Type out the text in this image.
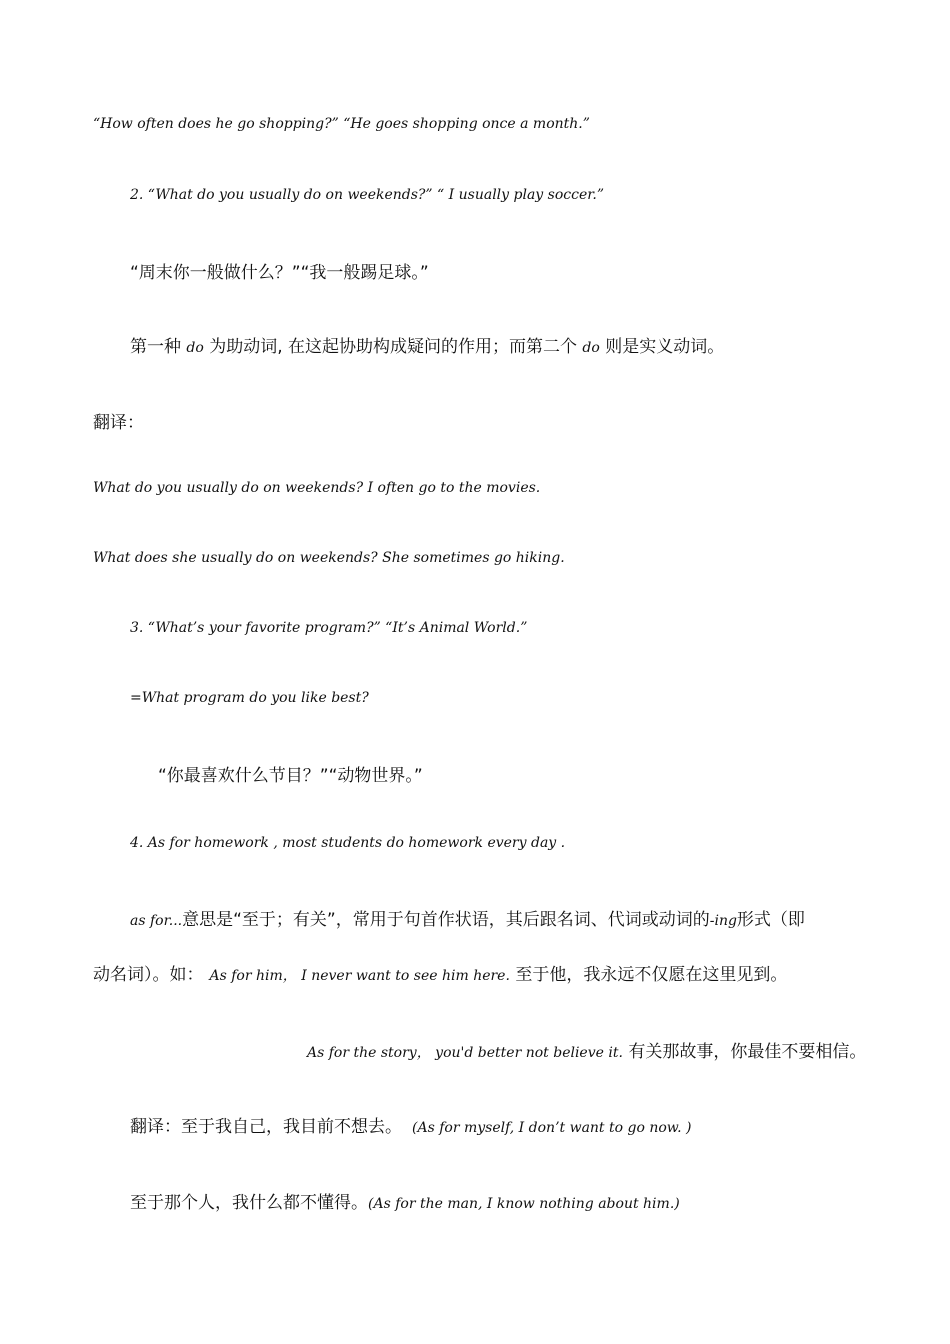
“How often does he go shopping?” “He goes shopping once a month.”
2. “What do you usually do on weekends?” “ I usually play soccer.”
“周末你一般做什么？”“我一般踢足球。”
第一种 do 为助动词, 在这起协助构成疑问的作用；而第二个 do 则是实义动词。
翻译：
What do you usually do on weekends? I often go to the movies.
What does she usually do on weekends? She sometimes go hiking.
3. “What’s your favorite program?” “It’s Animal World.”
=What program do you like best?
“你最喜欢什么节目？”“动物世界。”
4. As for homework , most students do homework every day .
as for...意思是“至于；有关”，常用于句首作状语，其后跟名词、代词或动词的-ing形式（即
动名词）。如： As for him， I never want to see him here. 至于他，我永远不仅愿在这里见到。
As for the story， you'd better not believe it. 有关那故事，你最佳不要相信。
翻译：至于我自己，我目前不想去。 (As for myself, I don’t want to go now. )
至于那个人，我什么都不懂得。(As for the man, I know nothing about him.)
